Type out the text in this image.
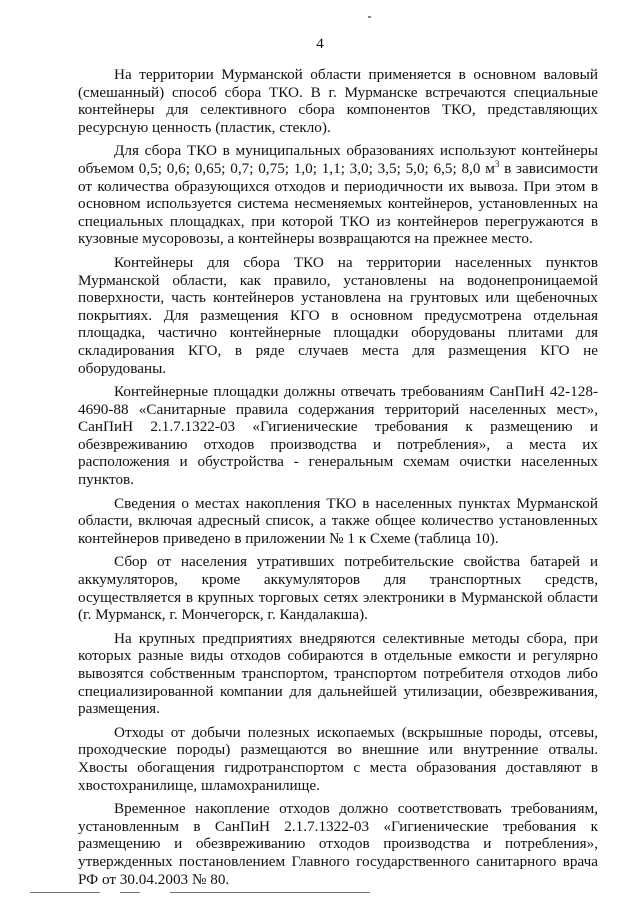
4

На территории Мурманской области применяется в основном валовый (смешанный) способ сбора ТКО. В г. Мурманске встречаются специальные контейнеры для селективного сбора компонентов ТКО, представляющих ресурсную ценность (пластик, стекло).

Для сбора ТКО в муниципальных образованиях используют контейнеры объемом 0,5; 0,6; 0,65; 0,7; 0,75; 1,0; 1,1; 3,0; 3,5; 5,0; 6,5; 8,0 $м^3$ в зависимости от количества образующихся отходов и периодичности их вывоза. При этом в основном используется система несменяемых контейнеров, установленных на специальных площадках, при которой ТКО из контейнеров перегружаются в кузовные мусоровозы, а контейнеры возвращаются на прежнее место.

Контейнеры для сбора ТКО на территории населенных пунктов Мурманской области, как правило, установлены на водонепроницаемой поверхности, часть контейнеров установлена на грунтовых или щебеночных покрытиях. Для размещения КГО в основном предусмотрена отдельная площадка, частично контейнерные площадки оборудованы плитами для складирования КГО, в ряде случаев места для размещения КГО не оборудованы.

Контейнерные площадки должны отвечать требованиям СанПиН 42-128-4690-88 «Санитарные правила содержания территорий населенных мест», СанПиН 2.1.7.1322-03 «Гигиенические требования к размещению и обезвреживанию отходов производства и потребления», а места их расположения и обустройства - генеральным схемам очистки населенных пунктов.

Сведения о местах накопления ТКО в населенных пунктах Мурманской области, включая адресный список, а также общее количество установленных контейнеров приведено в приложении № 1 к Схеме (таблица 10).

Сбор от населения утративших потребительские свойства батарей и аккумуляторов, кроме аккумуляторов для транспортных средств, осуществляется в крупных торговых сетях электроники в Мурманской области (г. Мурманск, г. Мончегорск, г. Кандалакша).

На крупных предприятиях внедряются селективные методы сбора, при которых разные виды отходов собираются в отдельные емкости и регулярно вывозятся собственным транспортом, транспортом потребителя отходов либо специализированной компании для дальнейшей утилизации, обезвреживания, размещения.

Отходы от добычи полезных ископаемых (вскрышные породы, отсевы, проходческие породы) размещаются во внешние или внутренние отвалы. Хвосты обогащения гидротранспортом с места образования доставляют в хвостохранилище, шламохранилище.

Временное накопление отходов должно соответствовать требованиям, установленным в СанПиН 2.1.7.1322-03 «Гигиенические требования к размещению и обезвреживанию отходов производства и потребления», утвержденных постановлением Главного государственного санитарного врача РФ от 30.04.2003 № 80.
